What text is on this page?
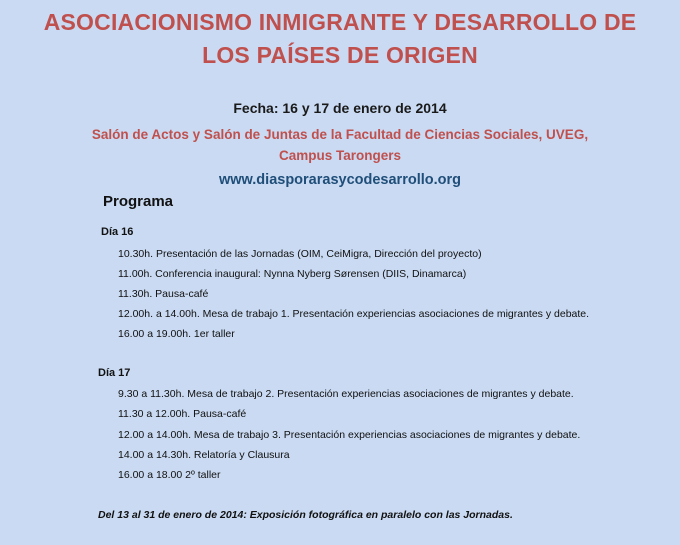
ASOCIACIONISMO INMIGRANTE Y DESARROLLO DE
LOS PAÍSES DE ORIGEN
Fecha: 16 y 17 de enero de 2014
Salón de Actos y Salón de Juntas de la Facultad de Ciencias Sociales, UVEG,
Campus Tarongers
www.diasporarasycodesarrollo.org
Programa
Día 16
10.30h. Presentación de las Jornadas (OIM, CeiMigra, Dirección del proyecto)
11.00h. Conferencia inaugural: Nynna Nyberg Sørensen (DIIS, Dinamarca)
11.30h. Pausa-café
12.00h. a 14.00h. Mesa de trabajo 1. Presentación experiencias asociaciones de migrantes y debate.
16.00 a 19.00h. 1er taller
Día 17
9.30 a 11.30h. Mesa de trabajo 2. Presentación experiencias asociaciones de migrantes y debate.
11.30 a 12.00h. Pausa-café
12.00 a 14.00h. Mesa de trabajo 3. Presentación experiencias asociaciones de migrantes y debate.
14.00 a 14.30h. Relatoría y Clausura
16.00 a 18.00 2º taller
Del 13 al 31 de enero de 2014: Exposición fotográfica en paralelo con las Jornadas.
